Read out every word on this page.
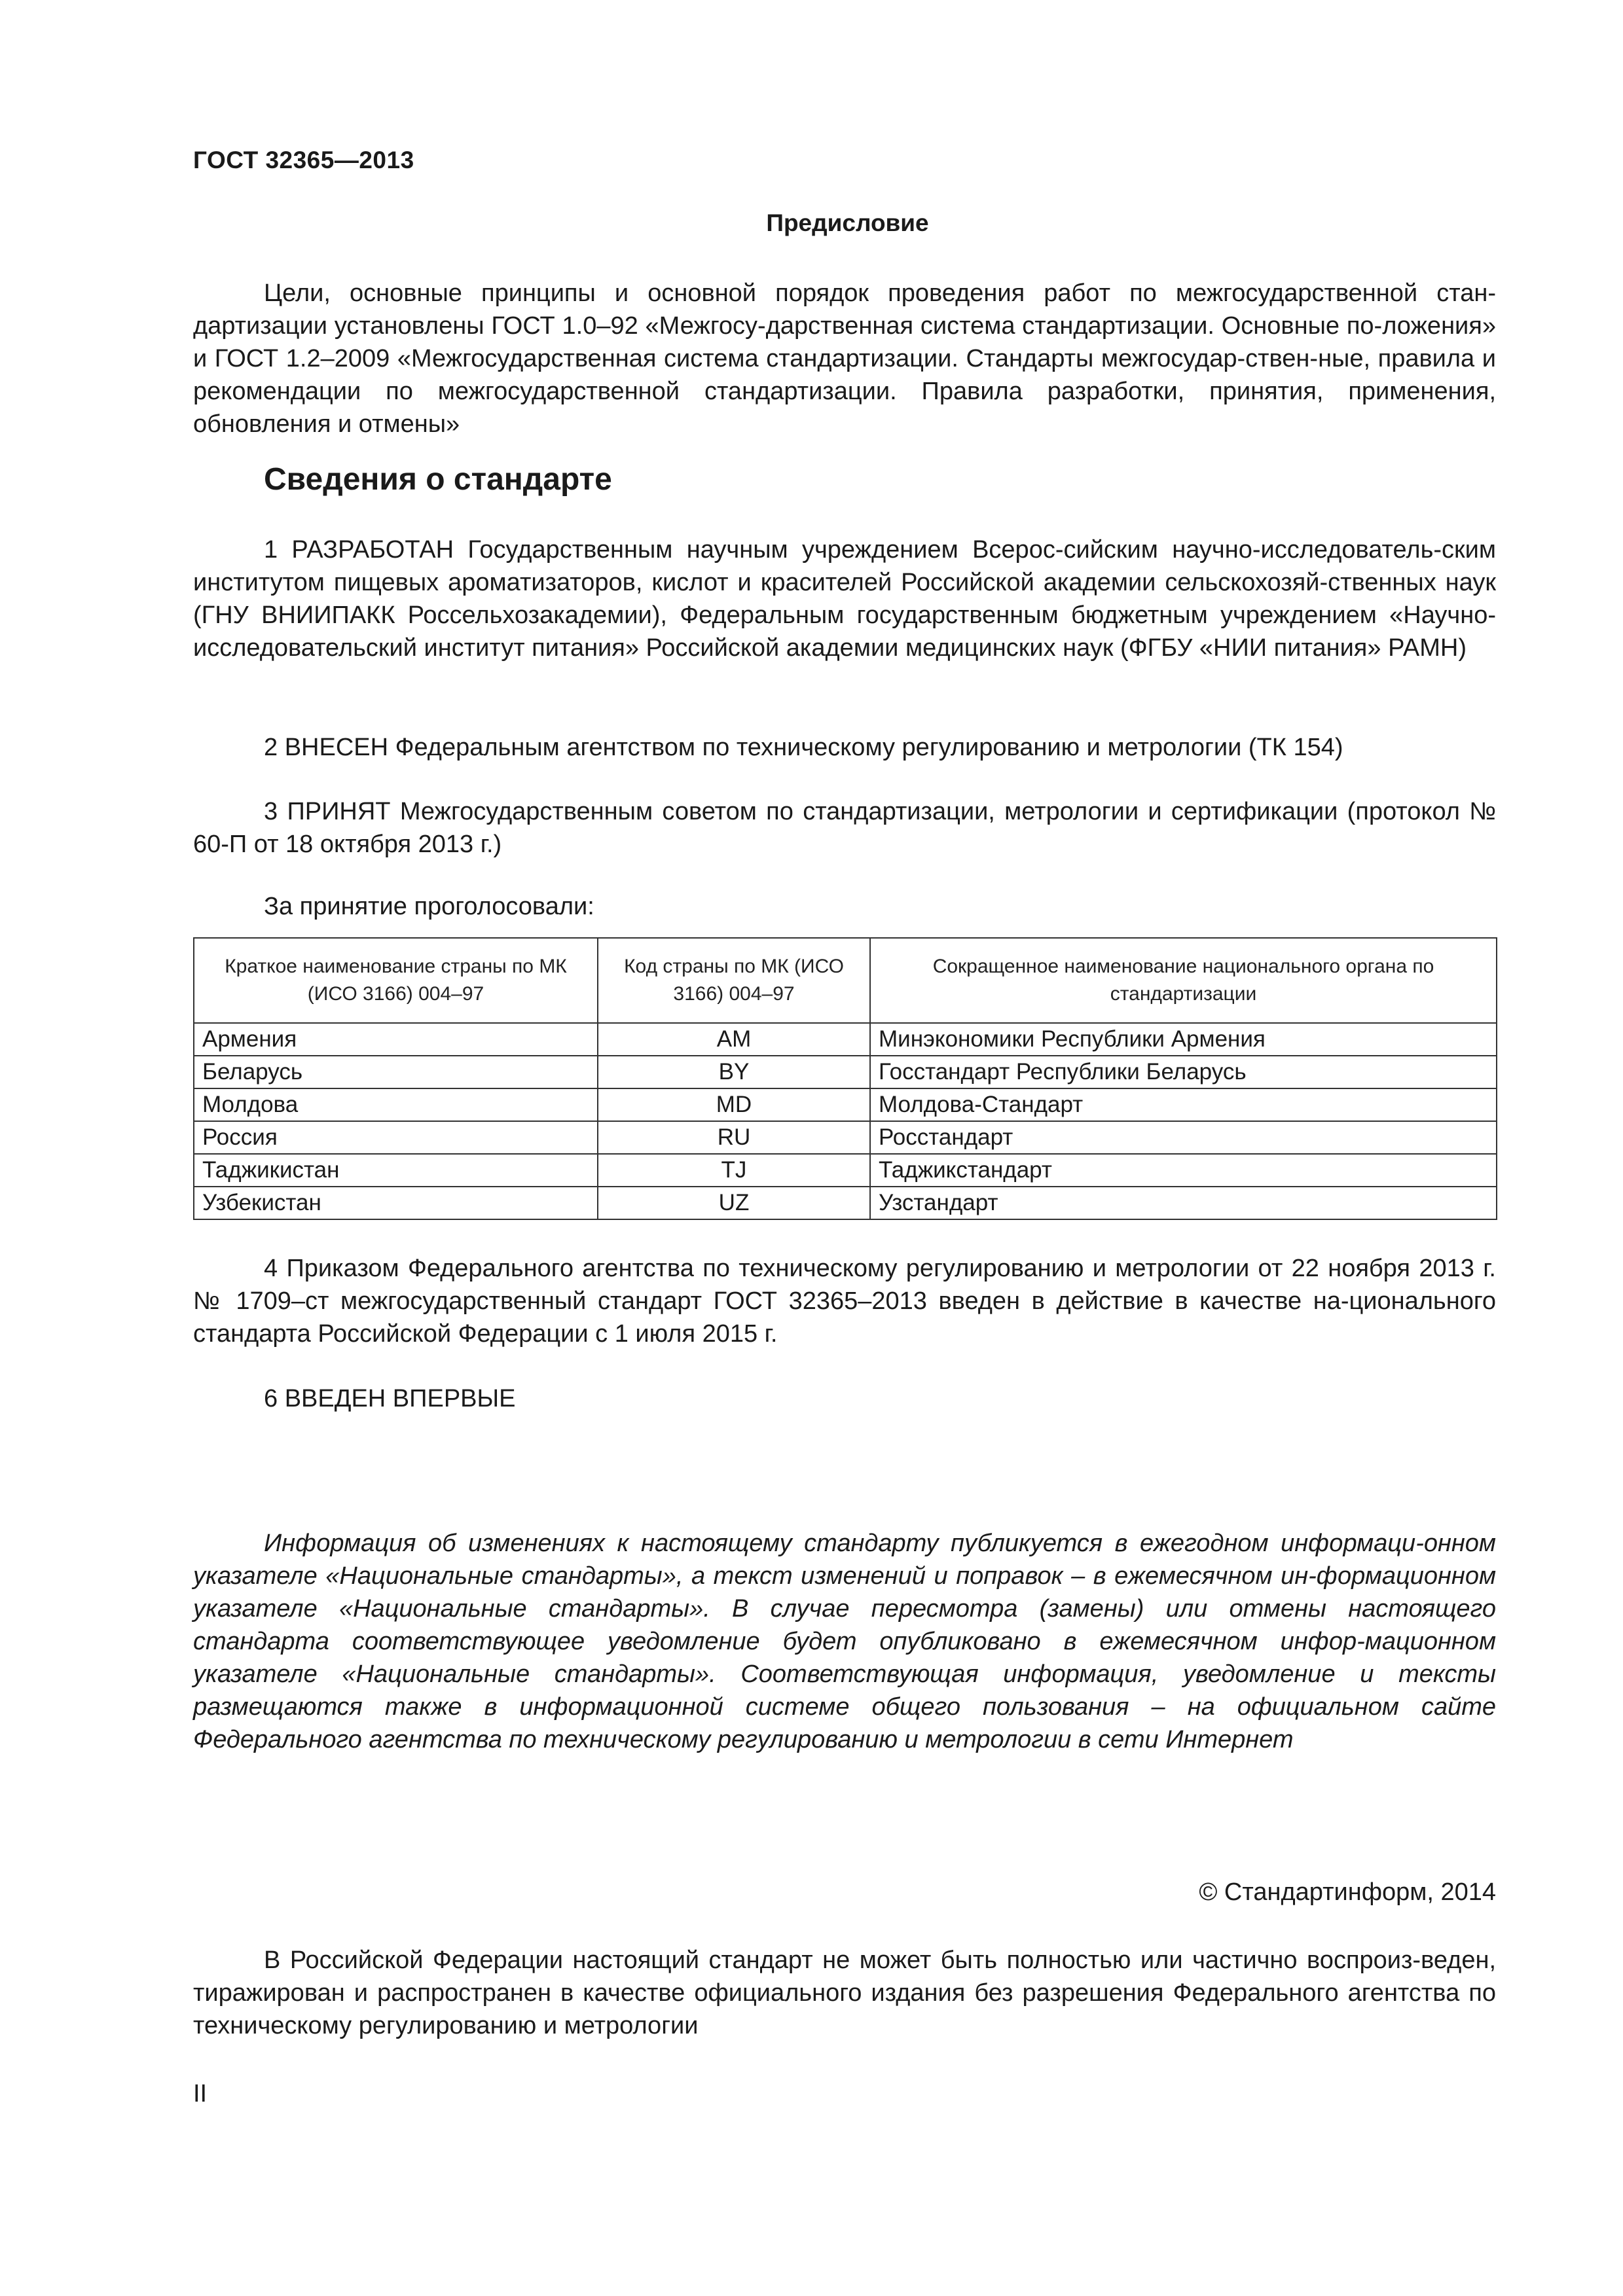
ГОСТ 32365—2013
Предисловие

Цели, основные принципы и основной порядок проведения работ по межгосударственной стан-дартизации установлены ГОСТ 1.0–92 «Межгосу-дарственная система стандартизации. Основные по-ложения» и ГОСТ 1.2–2009 «Межгосударственная система стандартизации. Стандарты межгосудар-ствен-ные, правила и рекомендации по межгосударственной стандартизации. Правила разработки, принятия, применения, обновления и отмены»

Сведения о стандарте

1 РАЗРАБОТАН Государственным научным учреждением Всерос-сийским научно-исследователь-ским институтом пищевых ароматизаторов, кислот и красителей Российской академии сельскохозяй-ственных наук (ГНУ ВНИИПАКК Россельхозакадемии), Федеральным государственным бюджетным учреждением «Научно-исследовательский институт питания» Российской академии медицинских наук (ФГБУ «НИИ питания» РАМН)

2 ВНЕСЕН Федеральным агентством по техническому регулированию и метрологии (ТК 154)

3 ПРИНЯТ Межгосударственным советом по стандартизации, метрологии и сертификации (протокол № 60-П от 18 октября 2013 г.)

За принятие проголосовали:

Краткое наименование страны по МК (ИСО 3166) 004–97	Код страны по МК (ИСО 3166) 004–97	Сокращенное наименование национального органа по стандартизации
Армения	AM	Минэкономики Республики Армения
Беларусь	BY	Госстандарт Республики Беларусь
Молдова	MD	Молдова-Стандарт
Россия	RU	Росстандарт
Таджикистан	TJ	Таджикстандарт
Узбекистан	UZ	Узстандарт

4 Приказом Федерального агентства по техническому регулированию и метрологии от 22 ноября 2013 г. № 1709–ст межгосударственный стандарт ГОСТ 32365–2013 введен в действие в качестве на-ционального стандарта Российской Федерации с 1 июля 2015 г.

6 ВВЕДЕН ВПЕРВЫЕ

Информация об изменениях к настоящему стандарту публикуется в ежегодном информаци-онном указателе «Национальные стандарты», а текст изменений и поправок – в ежемесячном ин-формационном указателе «Национальные стандарты». В случае пересмотра (замены) или отмены настоящего стандарта соответствующее уведомление будет опубликовано в ежемесячном инфор-мационном указателе «Национальные стандарты». Соответствующая информация, уведомление и тексты размещаются также в информационной системе общего пользования – на официальном сайте Федерального агентства по техническому регулированию и метрологии в сети Интернет

© Стандартинформ, 2014

В Российской Федерации настоящий стандарт не может быть полностью или частично воспроиз-веден, тиражирован и распространен в качестве официального издания без разрешения Федерального агентства по техническому регулированию и метрологии

II
